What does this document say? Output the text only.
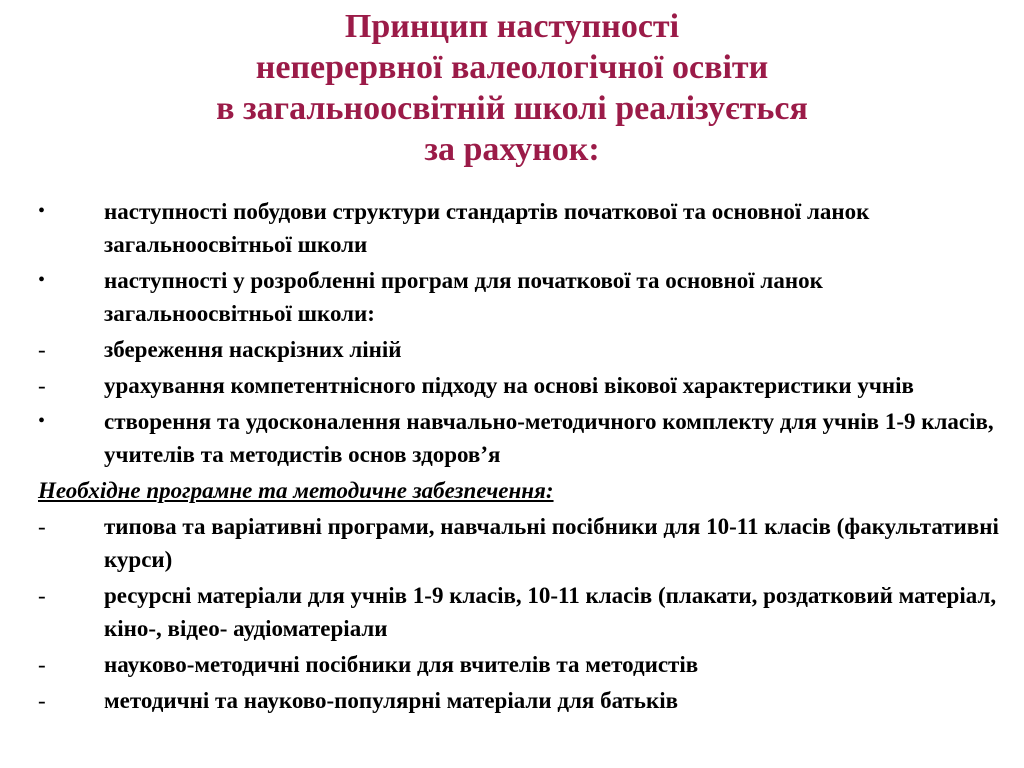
Принцип наступності
неперервної валеологічної освіти
в загальноосвітній школі реалізується
за рахунок:
•	наступності побудови структури стандартів початкової та основної ланок загальноосвітньої школи
•	наступності у розробленні програм для початкової та основної ланок загальноосвітньої школи:
-	збереження наскрізних ліній
-	урахування компетентнісного підходу на основі вікової характеристики учнів
•	створення та удосконалення навчально-методичного комплекту для учнів 1-9 класів, учителів та методистів основ здоров’я
Необхідне програмне та методичне забезпечення:
-	типова та варіативні програми, навчальні посібники для 10-11 класів (факультативні курси)
-	ресурсні матеріали для учнів 1-9 класів, 10-11 класів (плакати, роздатковий матеріал, кіно-, відео- аудіоматеріали
-	науково-методичні посібники для вчителів та методистів
-	методичні та науково-популярні матеріали для батьків
